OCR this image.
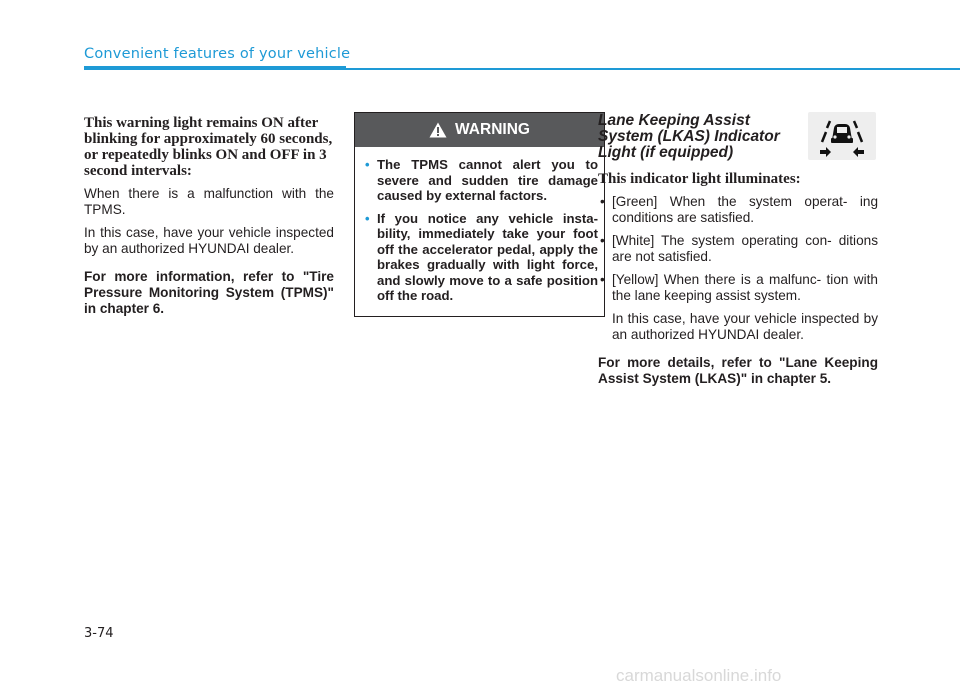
Convenient features of your vehicle

This warning light remains ON after blinking for approximately 60 seconds, or repeatedly blinks ON and OFF in 3 second intervals:

When there is a malfunction with the TPMS.

In this case, have your vehicle inspected by an authorized HYUNDAI dealer.

For more information, refer to "Tire Pressure Monitoring System (TPMS)" in chapter 6.

WARNING
• The TPMS cannot alert you to severe and sudden tire damage caused by external factors.
• If you notice any vehicle insta- bility, immediately take your foot off the accelerator pedal, apply the brakes gradually with light force, and slowly move to a safe position off the road.

Lane Keeping Assist System (LKAS) Indicator Light (if equipped)

This indicator light illuminates:

• [Green] When the system operat- ing conditions are satisfied.
• [White] The system operating con- ditions are not satisfied.
• [Yellow] When there is a malfunc- tion with the lane keeping assist system.

In this case, have your vehicle inspected by an authorized HYUNDAI dealer.

For more details, refer to "Lane Keeping Assist System (LKAS)" in chapter 5.

3-74
carmanualsonline.info
